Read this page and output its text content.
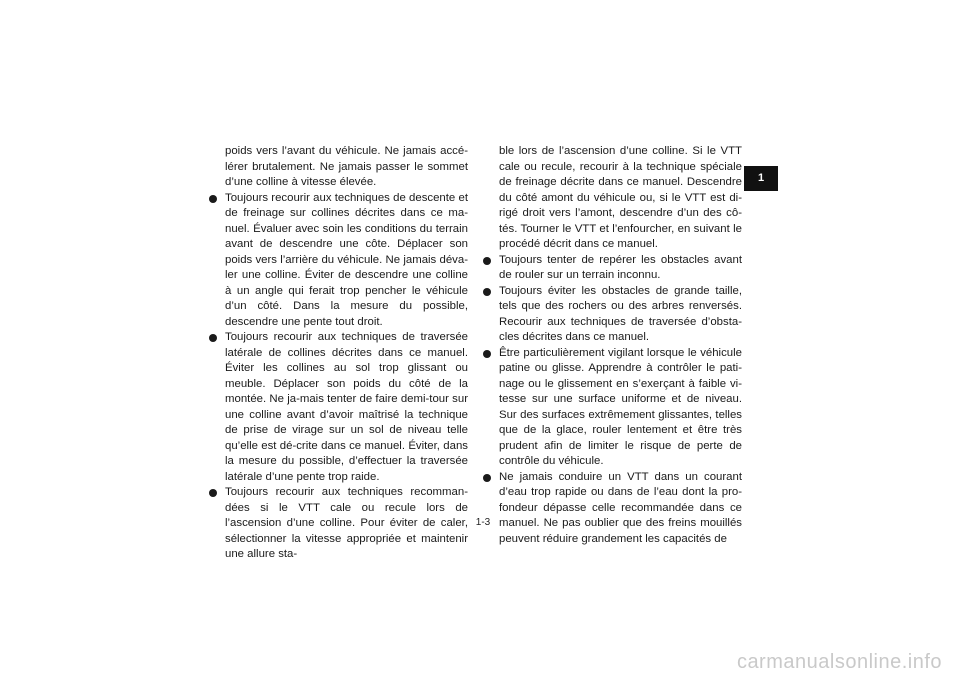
poids vers l’avant du véhicule. Ne jamais accé-lérer brutalement. Ne jamais passer le sommet d’une colline à vitesse élevée.

Toujours recourir aux techniques de descente et de freinage sur collines décrites dans ce ma-nuel. Évaluer avec soin les conditions du terrain avant de descendre une côte. Déplacer son poids vers l’arrière du véhicule. Ne jamais déva-ler une colline. Éviter de descendre une colline à un angle qui ferait trop pencher le véhicule d’un côté. Dans la mesure du possible, descendre une pente tout droit.

Toujours recourir aux techniques de traversée latérale de collines décrites dans ce manuel. Éviter les collines au sol trop glissant ou meuble. Déplacer son poids du côté de la montée. Ne ja-mais tenter de faire demi-tour sur une colline avant d’avoir maîtrisé la technique de prise de virage sur un sol de niveau telle qu’elle est dé-crite dans ce manuel. Éviter, dans la mesure du possible, d’effectuer la traversée latérale d’une pente trop raide.

Toujours recourir aux techniques recomman-dées si le VTT cale ou recule lors de l’ascension d’une colline. Pour éviter de caler, sélectionner la vitesse appropriée et maintenir une allure sta-

ble lors de l’ascension d’une colline. Si le VTT cale ou recule, recourir à la technique spéciale de freinage décrite dans ce manuel. Descendre du côté amont du véhicule ou, si le VTT est di-rigé droit vers l’amont, descendre d’un des cô-tés. Tourner le VTT et l’enfourcher, en suivant le procédé décrit dans ce manuel.

Toujours tenter de repérer les obstacles avant de rouler sur un terrain inconnu.

Toujours éviter les obstacles de grande taille, tels que des rochers ou des arbres renversés. Recourir aux techniques de traversée d’obsta-cles décrites dans ce manuel.

Être particulièrement vigilant lorsque le véhicule patine ou glisse. Apprendre à contrôler le pati-nage ou le glissement en s’exerçant à faible vi-tesse sur une surface uniforme et de niveau. Sur des surfaces extrêmement glissantes, telles que de la glace, rouler lentement et être très prudent afin de limiter le risque de perte de contrôle du véhicule.

Ne jamais conduire un VTT dans un courant d’eau trop rapide ou dans de l’eau dont la pro-fondeur dépasse celle recommandée dans ce manuel. Ne pas oublier que des freins mouillés peuvent réduire grandement les capacités de

1
1-3
carmanualsonline.info
